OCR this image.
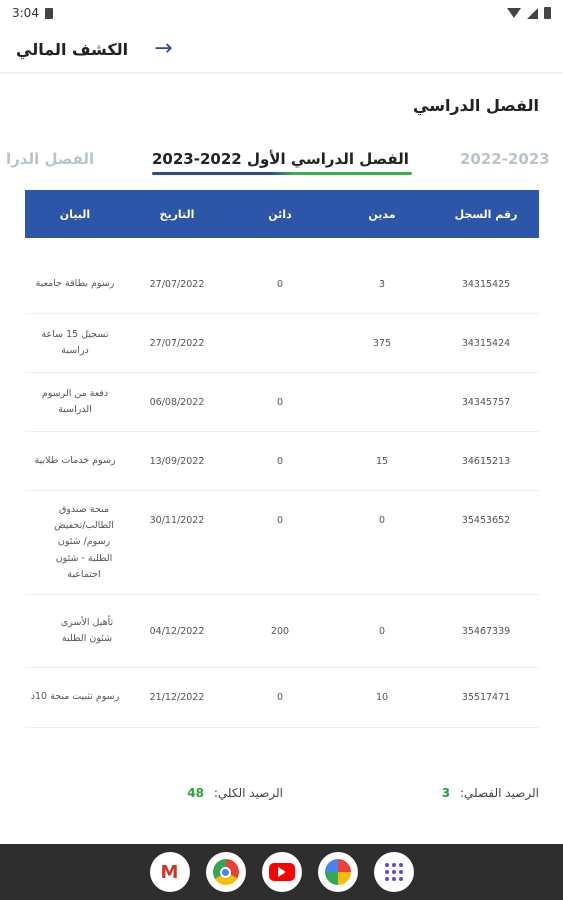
3:04
→
الكشف المالي
الفصل الدراسي
2022-2023
الفصل الدراسي الأول 2022-2023
الفصل الدرا
رقم السجل
مدين
دائن
التاريخ
البيان
34315425
3
0
27/07/2022
رسوم بطاقة جامعية
34315424
375
27/07/2022
تسجيل 15 ساعة دراسية
34345757
0
06/08/2022
دفعة من الرسوم الدراسية
34615213
15
0
13/09/2022
رسوم خدمات طلابية
35453652
0
0
30/11/2022
منحة صندوق الطالب/تخفيض رسوم/ شئون الطلبة - شئون اجتماعية
35467339
0
200
04/12/2022
تأهيل الأسرى شئون الطلبة
35517471
10
0
21/12/2022
رسوم تثبيت منحة 10د
الرصيد الفصلي: 3
الرصيد الكلي: 48
M
